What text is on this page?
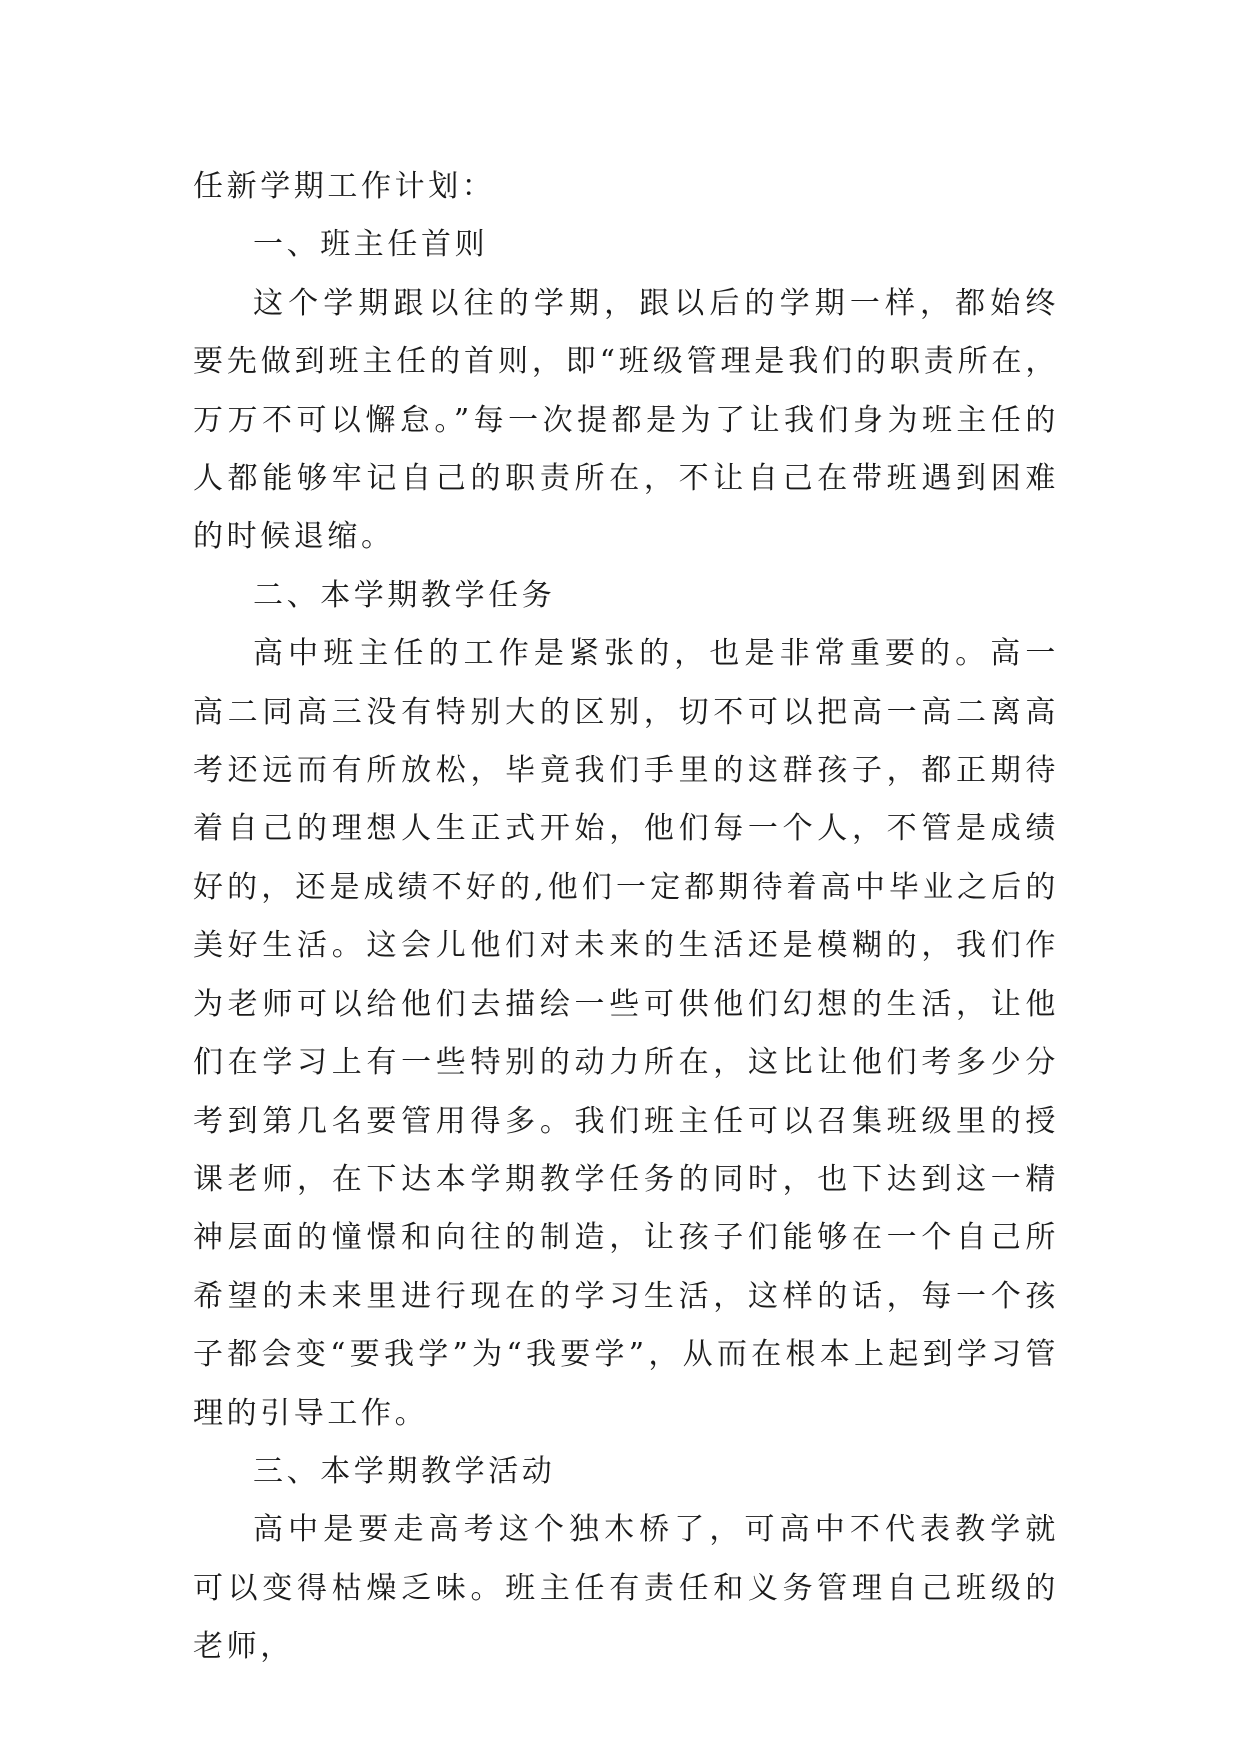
任新学期工作计划：

一、班主任首则

这个学期跟以往的学期，跟以后的学期一样，都始终要先做到班主任的首则，即“班级管理是我们的职责所在，万万不可以懈怠。”每一次提都是为了让我们身为班主任的人都能够牢记自己的职责所在，不让自己在带班遇到困难的时候退缩。

二、本学期教学任务

高中班主任的工作是紧张的，也是非常重要的。高一高二同高三没有特别大的区别，切不可以把高一高二离高考还远而有所放松，毕竟我们手里的这群孩子，都正期待着自己的理想人生正式开始，他们每一个人，不管是成绩好的，还是成绩不好的,他们一定都期待着高中毕业之后的美好生活。这会儿他们对未来的生活还是模糊的，我们作为老师可以给他们去描绘一些可供他们幻想的生活，让他们在学习上有一些特别的动力所在，这比让他们考多少分考到第几名要管用得多。我们班主任可以召集班级里的授课老师，在下达本学期教学任务的同时，也下达到这一精神层面的憧憬和向往的制造，让孩子们能够在一个自己所希望的未来里进行现在的学习生活，这样的话，每一个孩子都会变“要我学”为“我要学”，从而在根本上起到学习管理的引导工作。

三、本学期教学活动

高中是要走高考这个独木桥了，可高中不代表教学就可以变得枯燥乏味。班主任有责任和义务管理自己班级的老师，
